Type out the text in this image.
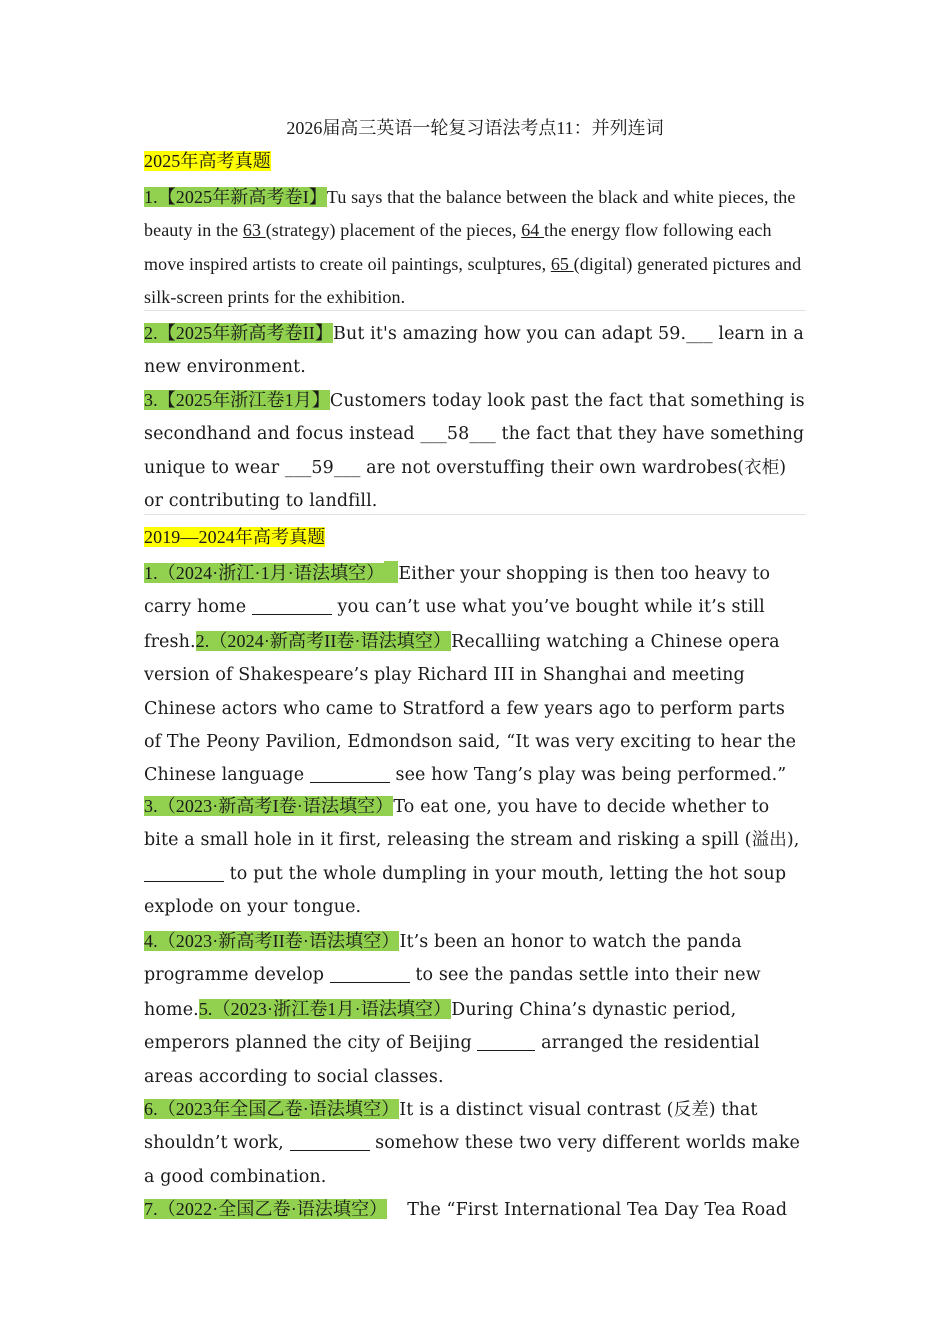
2026届高三英语一轮复习语法考点11：并列连词
2025年高考真题
1.【2025年新高考卷I】Tu says that the balance between the black and white pieces, the beauty in the 63 (strategy) placement of the pieces, 64 the energy flow following each move inspired artists to create oil paintings, sculptures, 65 (digital) generated pictures and silk-screen prints for the exhibition.
2.【2025年新高考卷II】But it's amazing how you can adapt 59.___ learn in a new environment.
3.【2025年浙江卷1月】Customers today look past the fact that something is secondhand and focus instead ___58___ the fact that they have something unique to wear ___59___ are not overstuffing their own wardrobes(衣柜) or contributing to landfill.
2019—2024年高考真题
1.（2024·浙江·1月·语法填空） Either your shopping is then too heavy to carry home	you can’t use what you’ve bought while it’s still fresh.2.（2024·新高考II卷·语法填空）Recalliing watching a Chinese opera version of Shakespeare’s play Richard III in Shanghai and meeting Chinese actors who came to Stratford a few years ago to perform parts of The Peony Pavilion, Edmondson said, “It was very exciting to hear the Chinese language	see how Tang’s play was being performed.”
3.（2023·新高考I卷·语法填空）To eat one, you have to decide whether to bite a small hole in it first, releasing the stream and risking a spill (溢出),  to put the whole dumpling in your mouth, letting the hot soup explode on your tongue.
4.（2023·新高考II卷·语法填空）It’s been an honor to watch the panda programme develop	to see the pandas settle into their new home.5.（2023·浙江卷1月·语法填空）During China’s dynastic period, emperors planned the city of Beijing	arranged the residential areas according to social classes.
6.（2023年全国乙卷·语法填空）It is a distinct visual contrast (反差) that shouldn’t work,	somehow these two very different worlds make a good combination.
7.（2022·全国乙卷·语法填空） The “First International Tea Day Tea Road
